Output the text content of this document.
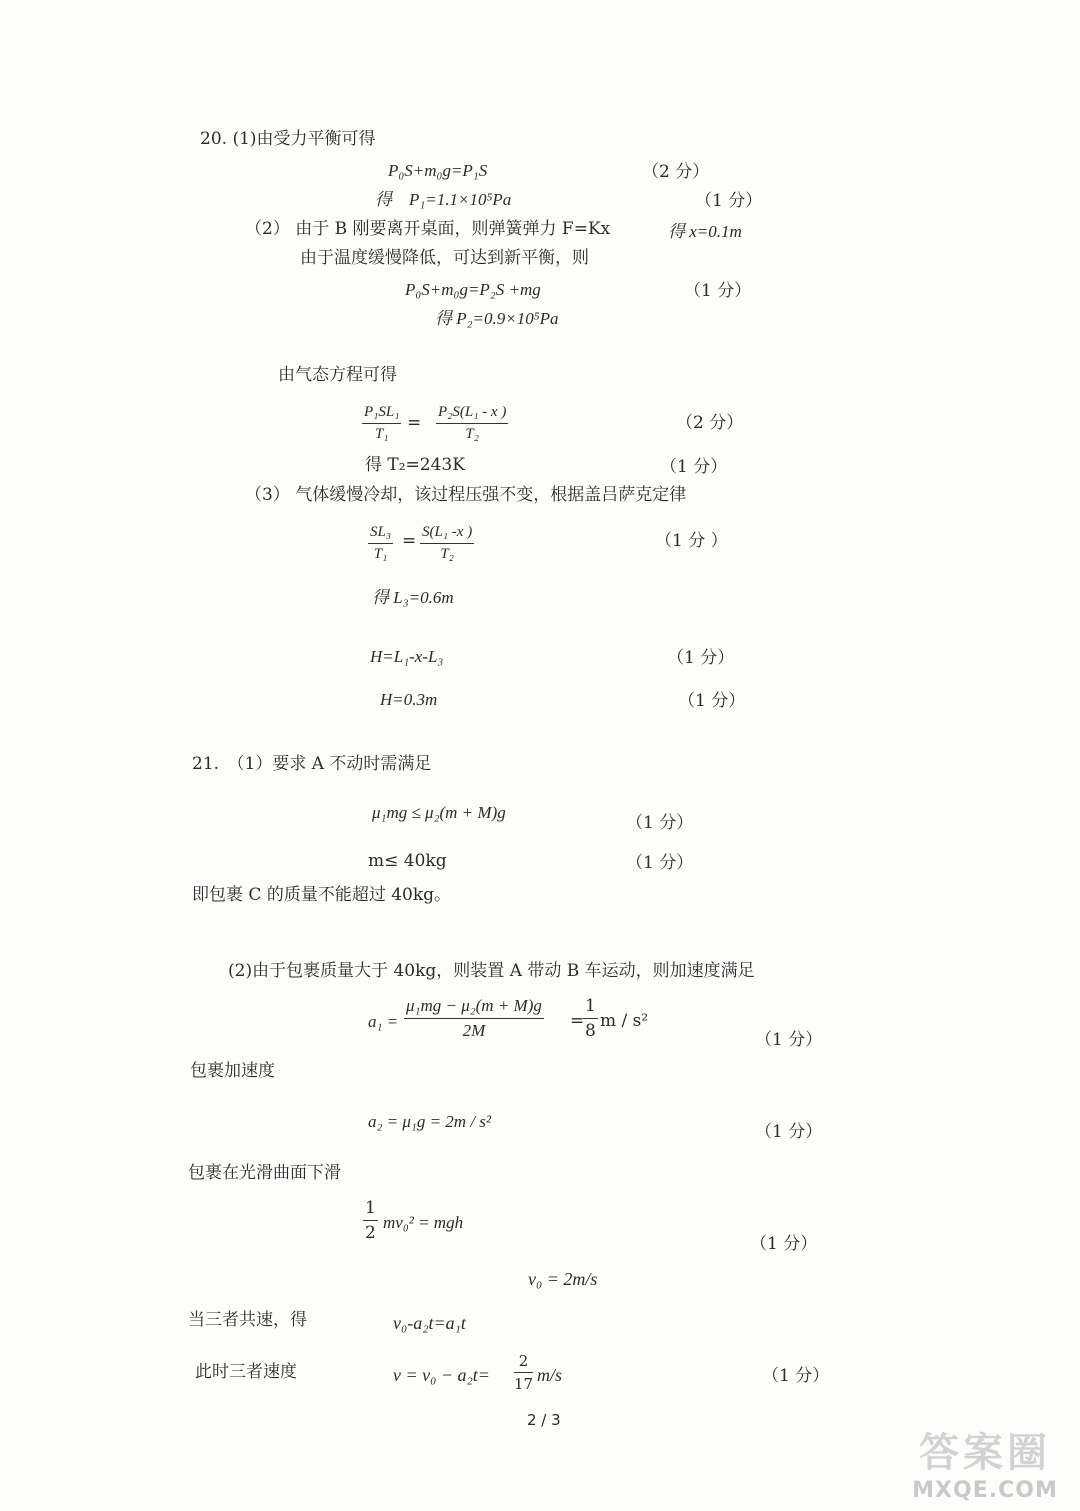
20. (1)由受力平衡可得
P₀S+m₀g=P₁S	（2 分）
得　P₁=1.1×10⁵Pa	（1 分）
（2） 由于 B 刚要离开桌面，则弹簧弹力 F=Kx	得 x=0.1m
由于温度缓慢降低，可达到新平衡，则
P₀S+m₀g=P₂S +mg	（1 分）
得 P₂=0.9×10⁵Pa
由气态方程可得
$\frac{\text{P₁SL₁}}{\text{T₁}} = \frac{\text{P₂S(L₁ - x )}}{\text{T₂}}$	（2 分）
得 T₂=243K	（1 分）
（3） 气体缓慢冷却，该过程压强不变，根据盖吕萨克定律
$\frac{\text{SL₃}}{\text{T₁}} = \frac{\text{S(L₁ -x )}}{\text{T₂}}$	（1 分 ）
得 L₃=0.6m
H=L₁-x-L₃	（1 分）
H=0.3m	（1 分）
21.　（1）要求 A 不动时需满足
μ₁mg ≤ μ₂(m + M)g
（1 分）
m≤ 40kg	（1 分）
即包裹 C 的质量不能超过 40kg。
(2)由于包裹质量大于 40kg，则装置 A 带动 B 车运动，则加速度满足
$a_1 = \frac{\text{μ₁mg − μ₂(m + M)g}}{2M}$ =
$\frac{1}{8}$ m / s²
（1 分）
包裹加速度
a₂ = μ₁g = 2m / s²
（1 分）
包裹在光滑曲面下滑
$\frac{1}{2} mv_0^2$ = mgh
（1 分）
v₀ = 2m/s
当三者共速，得	v₀-a₂t=a₁t
此时三者速度	$v = v_0 - a_2t= \frac{2}{17} m/s$	（1 分）
2 / 3
答案圈
MXQE.COM
